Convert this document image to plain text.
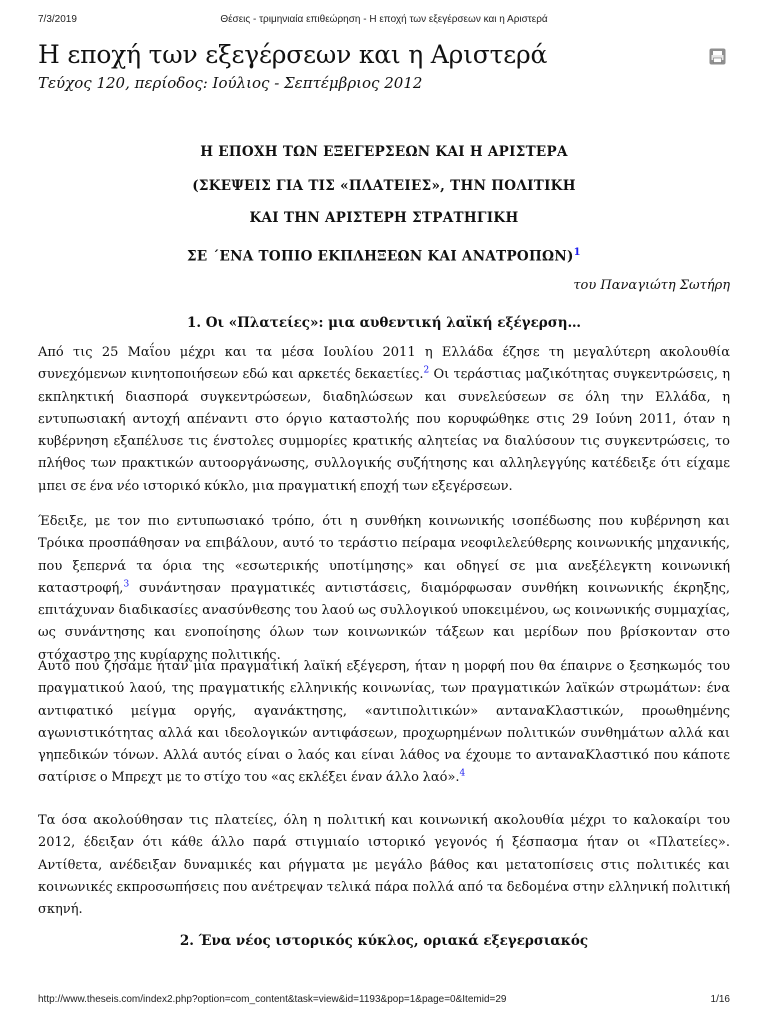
7/3/2019	Θέσεις - τριμηνιαία επιθεώρηση - Η εποχή των εξεγέρσεων και η Αριστερά
Η εποχή των εξεγέρσεων και η Αριστερά
Τεύχος 120, περίοδος: Ιούλιος - Σεπτέμβριος 2012
Η ΕΠΟΧΗ ΤΩΝ ΕΞΕΓΕΡΣΕΩΝ ΚΑΙ Η ΑΡΙΣΤΕΡΑ
(ΣΚΕΨΕΙΣ ΓΙΑ ΤΙΣ «ΠΛΑΤΕΙΕΣ», ΤΗΝ ΠΟΛΙΤΙΚΗ
ΚΑΙ ΤΗΝ ΑΡΙΣΤΕΡΗ ΣΤΡΑΤΗΓΙΚΗ
ΣΕ ΄ΕΝΑ ΤΟΠΙΟ ΕΚΠΛΗΞΕΩΝ ΚΑΙ ΑΝΑΤΡΟΠΩΝ)$^1$
του Παναγιώτη Σωτήρη
1. Οι «Πλατείες»: μια αυθεντική λαϊκή εξέγερση…
Από τις 25 Μαΐου μέχρι και τα μέσα Ιουλίου 2011 η Ελλάδα έζησε τη μεγαλύτερη ακολουθία συνεχόμενων κινητοποιήσεων εδώ και αρκετές δεκαετίες.$^2$ Οι τεράστιας μαζικότητας συγκεντρώσεις, η εκπληκτική διασπορά συγκεντρώσεων, διαδηλώσεων και συνελεύσεων σε όλη την Ελλάδα, η εντυπωσιακή αντοχή απέναντι στο όργιο καταστολής που κορυφώθηκε στις 29 Ιούνη 2011, όταν η κυβέρνηση εξαπέλυσε τις ένστολες συμμορίες κρατικής αλητείας να διαλύσουν τις συγκεντρώσεις, το πλήθος των πρακτικών αυτοοργάνωσης, συλλογικής συζήτησης και αλληλεγγύης κατέδειξε ότι είχαμε μπει σε ένα νέο ιστορικό κύκλο, μια πραγματική εποχή των εξεγέρσεων.
Έδειξε, με τον πιο εντυπωσιακό τρόπο, ότι η συνθήκη κοινωνικής ισοπέδωσης που κυβέρνηση και Τρόικα προσπάθησαν να επιβάλουν, αυτό το τεράστιο πείραμα νεοφιλελεύθερης κοινωνικής μηχανικής, που ξεπερνά τα όρια της «εσωτερικής υποτίμησης» και οδηγεί σε μια ανεξέλεγκτη κοινωνική καταστροφή,$^3$ συνάντησαν πραγματικές αντιστάσεις, διαμόρφωσαν συνθήκη κοινωνικής έκρηξης, επιτάχυναν διαδικασίες ανασύνθεσης του λαού ως συλλογικού υποκειμένου, ως κοινωνικής συμμαχίας, ως συνάντησης και ενοποίησης όλων των κοινωνικών τάξεων και μερίδων που βρίσκονταν στο στόχαστρο της κυρίαρχης πολιτικής.
Αυτό που ζήσαμε ήταν μια πραγματική λαϊκή εξέγερση, ήταν η μορφή που θα έπαιρνε ο ξεσηκωμός του πραγματικού λαού, της πραγματικής ελληνικής κοινωνίας, των πραγματικών λαϊκών στρωμάτων: ένα αντιφατικό μείγμα οργής, αγανάκτησης, «αντιπολιτικών» ανταναKλαστικών, προωθημένης αγωνιστικότητας αλλά και ιδεολογικών αντιφάσεων, προχωρημένων πολιτικών συνθημάτων αλλά και γηπεδικών τόνων. Αλλά αυτός είναι ο λαός και είναι λάθος να έχουμε το ανταναKλαστικό που κάποτε σατίρισε ο Μπρεχτ με το στίχο του «ας εκλέξει έναν άλλο λαό».$^4$
Τα όσα ακολούθησαν τις πλατείες, όλη η πολιτική και κοινωνική ακολουθία μέχρι το καλοκαίρι του 2012, έδειξαν ότι κάθε άλλο παρά στιγμιαίο ιστορικό γεγονός ή ξέσπασμα ήταν οι «Πλατείες». Αντίθετα, ανέδειξαν δυναμικές και ρήγματα με μεγάλο βάθος και μετατοπίσεις στις πολιτικές και κοινωνικές εκπροσωπήσεις που ανέτρεψαν τελικά πάρα πολλά από τα δεδομένα στην ελληνική πολιτική σκηνή.
2. Ένα νέος ιστορικός κύκλος, οριακά εξεγερσιακός
http://www.theseis.com/index2.php?option=com_content&task=view&id=1193&pop=1&page=0&Itemid=29	1/16
